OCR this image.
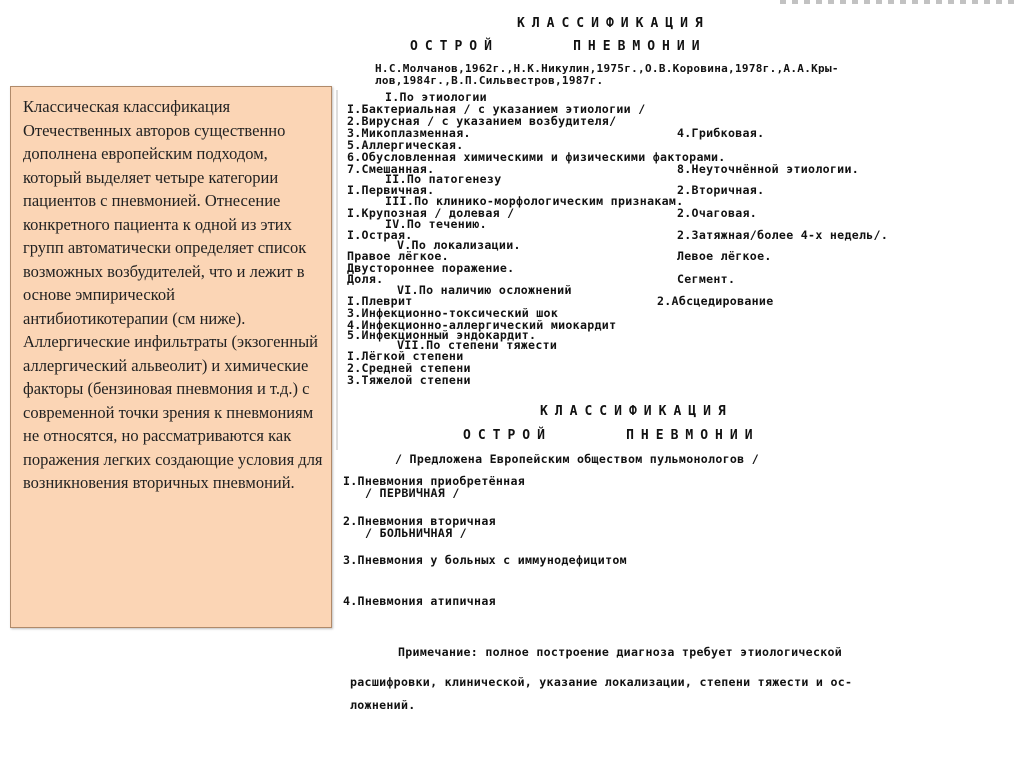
Классическая классификация Отечественных авторов существенно дополнена европейским подходом, который выделяет четыре категории пациентов с пневмонией. Отнесение конкретного пациента к одной из этих групп автоматически определяет список возможных возбудителей, что и лежит в основе эмпирической антибиотикотерапии (см ниже). Аллергические инфильтраты (экзогенный аллергический альвеолит) и химические факторы (бензиновая пневмония и т.д.) с современной точки зрения к пневмониям не относятся, но рассматриваются как поражения легких создающие условия для возникновения вторичных пневмоний.
КЛАССИФИКАЦИЯ
ОСТРОЙ     ПНЕВМОНИИ
Н.С.Молчанов,1962г.,Н.К.Никулин,1975г.,О.В.Коровина,1978г.,А.А.Кры-
лов,1984г.,В.П.Сильвестров,1987г.
I.По этиологии
I.Бактериальная / с указанием этиологии /
2.Вирусная / с указанием возбудителя/
3.Микоплазменная.	4.Грибковая.
5.Аллергическая.
6.Обусловленная химическими и физическими факторами.
7.Смешанная.	8.Неуточнённой этиологии.
II.По патогенезу
I.Первичная.	2.Вторичная.
III.По клинико-морфологическим признакам.
I.Крупозная / долевая /	2.Очаговая.
IV.По течению.
I.Острая.	2.Затяжная/более 4-х недель/.
V.По локализации.
Правое лёгкое.	Левое лёгкое.
Двустороннее поражение.
Доля.	Сегмент.
VI.По наличию осложнений
I.Плеврит	2.Абсцедирование
3.Инфекционно-токсический шок
4.Инфекционно-аллергический миокардит
5.Инфекционный эндокардит.
VII.По степени тяжести
I.Лёгкой степени
2.Средней степени
3.Тяжелой степени
КЛАССИФИКАЦИЯ
ОСТРОЙ     ПНЕВМОНИИ
/ Предложена Европейским обществом пульмонологов /
I.Пневмония приобретённая
/ ПЕРВИЧНАЯ /
2.Пневмония вторичная
/ БОЛЬНИЧНАЯ /
3.Пневмония у больных с иммунодефицитом
4.Пневмония атипичная
Примечание: полное построение диагноза требует этиологической
расшифровки, клинической, указание локализации, степени тяжести и ос-
ложнений.
